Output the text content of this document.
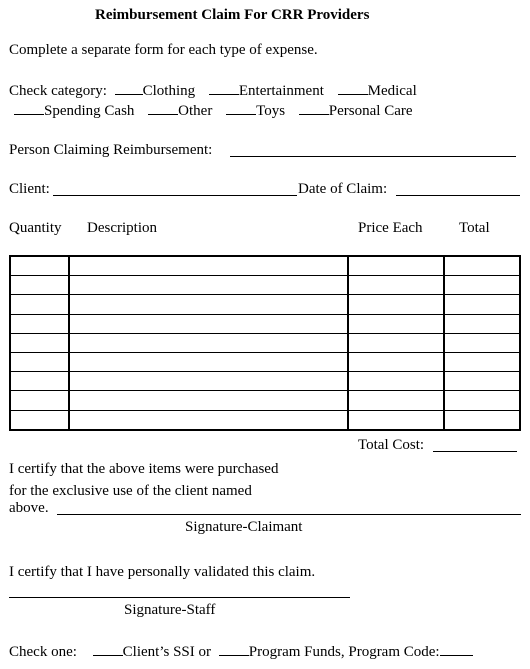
Reimbursement Claim For CRR Providers
Complete a separate form for each type of expense.
Check category: Clothing	Entertainment	Medical
Spending Cash	Other	Toys	Personal Care
Person Claiming Reimbursement:
Client:	Date of Claim:
Quantity Description	Price Each Total

Total Cost:
I certify that the above items were purchased
for the exclusive use of the client named
above.
Signature-Claimant
I certify that I have personally validated this claim.
Signature-Staff
Check one:	Client’s SSI or	Program Funds, Program Code:
